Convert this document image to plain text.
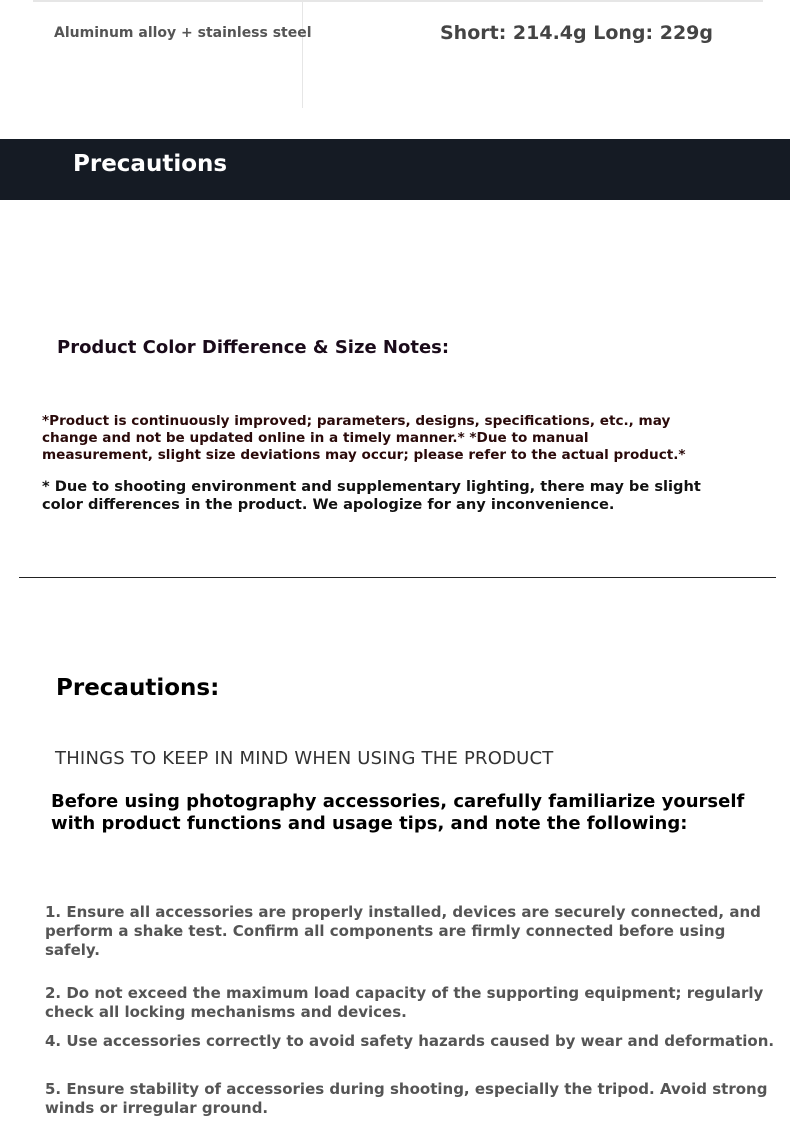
Aluminum alloy + stainless steel	Short: 214.4g Long: 229g
Precautions
Product Color Difference & Size Notes:
*Product is continuously improved; parameters, designs, specifications, etc., may change and not be updated online in a timely manner.* *Due to manual measurement, slight size deviations may occur; please refer to the actual product.*
* Due to shooting environment and supplementary lighting, there may be slight color differences in the product. We apologize for any inconvenience.
Precautions:
THINGS TO KEEP IN MIND WHEN USING THE PRODUCT
Before using photography accessories, carefully familiarize yourself with product functions and usage tips, and note the following:
1. Ensure all accessories are properly installed, devices are securely connected, and perform a shake test. Confirm all components are firmly connected before using safely.
2. Do not exceed the maximum load capacity of the supporting equipment; regularly check all locking mechanisms and devices.
4. Use accessories correctly to avoid safety hazards caused by wear and deformation.
5. Ensure stability of accessories during shooting, especially the tripod. Avoid strong winds or irregular ground.
